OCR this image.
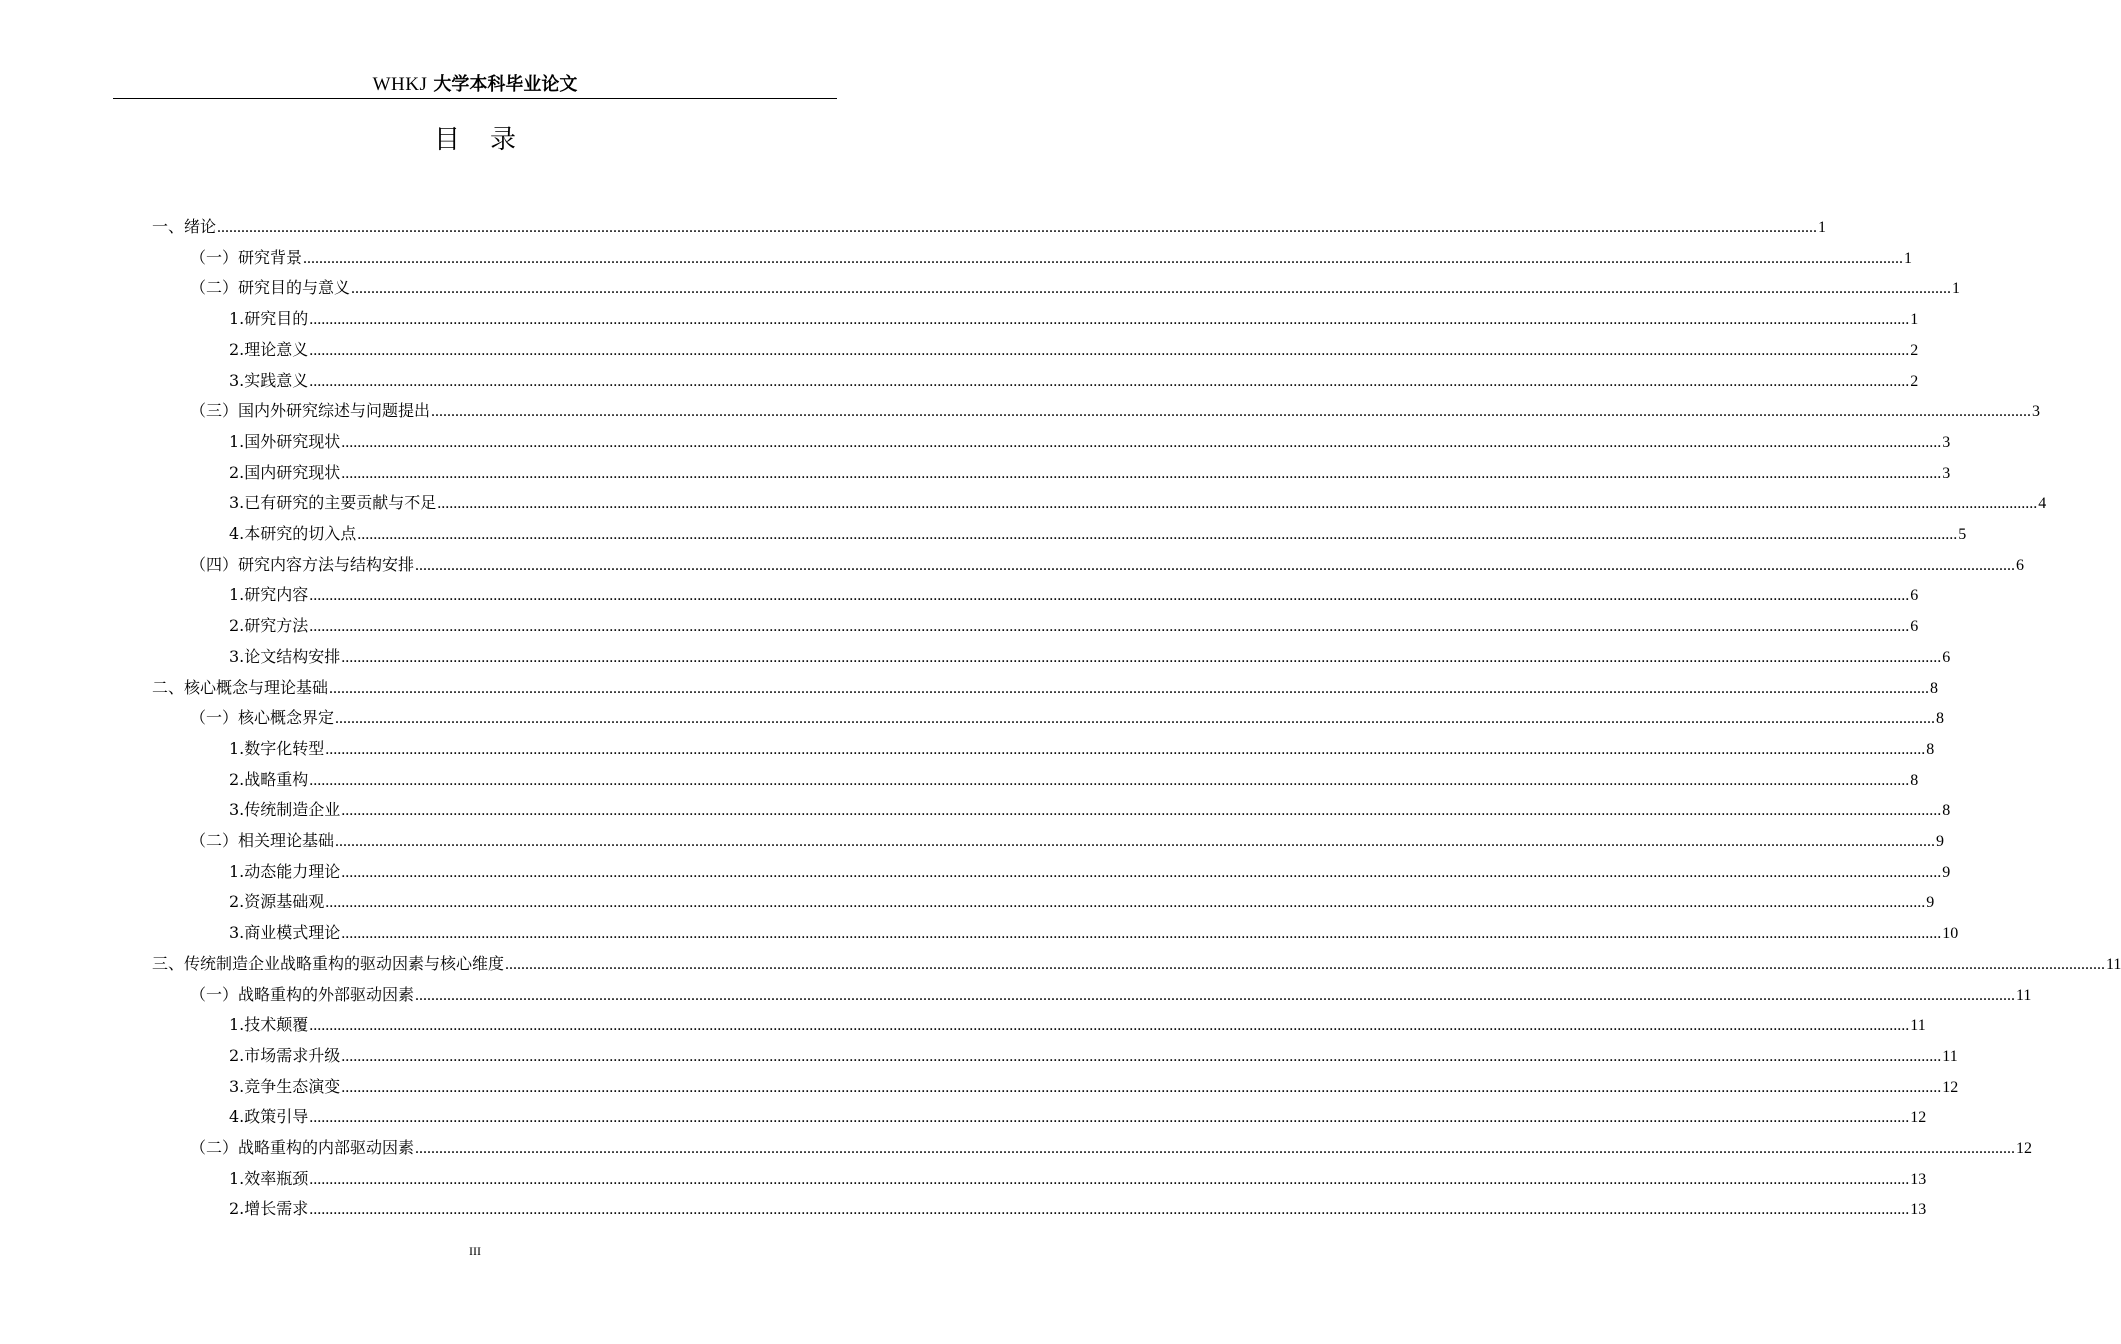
WHKJ 大学本科毕业论文
目录
一、绪论 ................................................................................................................................................................................................................................................................................................................................................................................................................ 1
（一）研究背景 ................................................................................................................................................................................................................................................................................................................................................................................................................ 1
（二）研究目的与意义 ................................................................................................................................................................................................................................................................................................................................................................................................................ 1
1.研究目的 ................................................................................................................................................................................................................................................................................................................................................................................................................ 1
2.理论意义 ................................................................................................................................................................................................................................................................................................................................................................................................................ 2
3.实践意义 ................................................................................................................................................................................................................................................................................................................................................................................................................ 2
（三）国内外研究综述与问题提出 ................................................................................................................................................................................................................................................................................................................................................................................................................ 3
1.国外研究现状 ................................................................................................................................................................................................................................................................................................................................................................................................................ 3
2.国内研究现状 ................................................................................................................................................................................................................................................................................................................................................................................................................ 3
3.已有研究的主要贡献与不足 ................................................................................................................................................................................................................................................................................................................................................................................................................ 4
4.本研究的切入点 ................................................................................................................................................................................................................................................................................................................................................................................................................ 5
（四）研究内容方法与结构安排 ................................................................................................................................................................................................................................................................................................................................................................................................................ 6
1.研究内容 ................................................................................................................................................................................................................................................................................................................................................................................................................ 6
2.研究方法 ................................................................................................................................................................................................................................................................................................................................................................................................................ 6
3.论文结构安排 ................................................................................................................................................................................................................................................................................................................................................................................................................ 6
二、核心概念与理论基础 ................................................................................................................................................................................................................................................................................................................................................................................................................ 8
（一）核心概念界定 ................................................................................................................................................................................................................................................................................................................................................................................................................ 8
1.数字化转型 ................................................................................................................................................................................................................................................................................................................................................................................................................ 8
2.战略重构 ................................................................................................................................................................................................................................................................................................................................................................................................................ 8
3.传统制造企业 ................................................................................................................................................................................................................................................................................................................................................................................................................ 8
（二）相关理论基础 ................................................................................................................................................................................................................................................................................................................................................................................................................ 9
1.动态能力理论 ................................................................................................................................................................................................................................................................................................................................................................................................................ 9
2.资源基础观 ................................................................................................................................................................................................................................................................................................................................................................................................................ 9
3.商业模式理论 ................................................................................................................................................................................................................................................................................................................................................................................................................ 10
三、传统制造企业战略重构的驱动因素与核心维度 ................................................................................................................................................................................................................................................................................................................................................................................................................ 11
（一）战略重构的外部驱动因素 ................................................................................................................................................................................................................................................................................................................................................................................................................ 11
1.技术颠覆 ................................................................................................................................................................................................................................................................................................................................................................................................................ 11
2.市场需求升级 ................................................................................................................................................................................................................................................................................................................................................................................................................ 11
3.竞争生态演变 ................................................................................................................................................................................................................................................................................................................................................................................................................ 12
4.政策引导 ................................................................................................................................................................................................................................................................................................................................................................................................................ 12
（二）战略重构的内部驱动因素 ................................................................................................................................................................................................................................................................................................................................................................................................................ 12
1.效率瓶颈 ................................................................................................................................................................................................................................................................................................................................................................................................................ 13
2.增长需求 ................................................................................................................................................................................................................................................................................................................................................................................................................ 13
III
